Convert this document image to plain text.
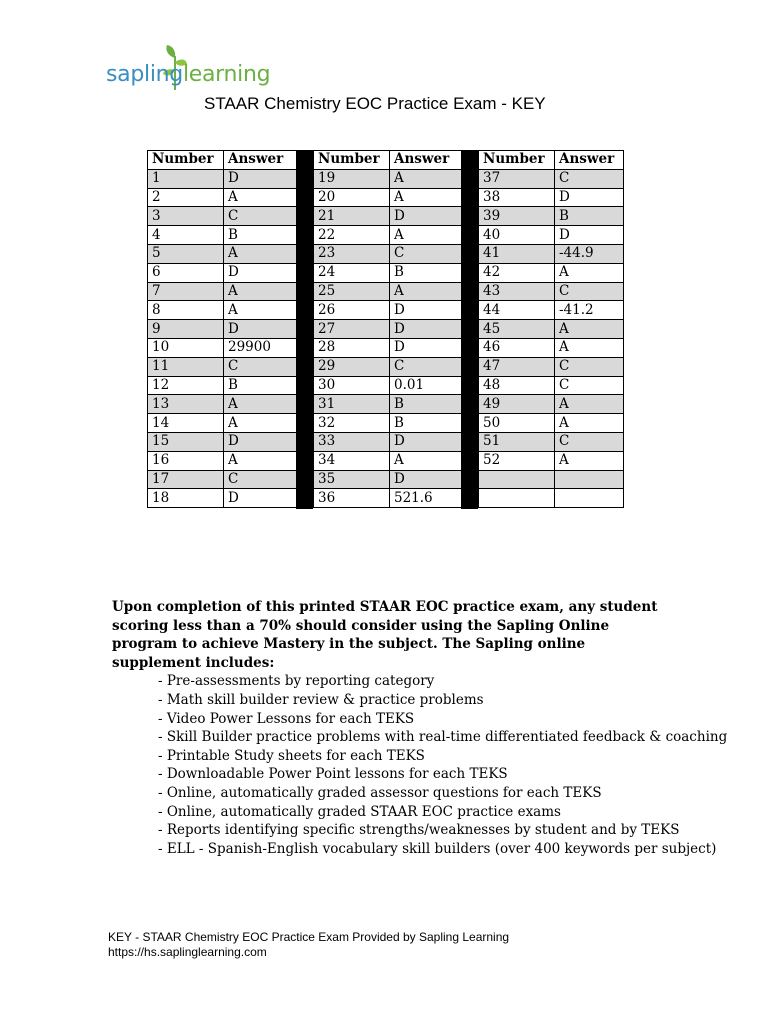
saplinglearning
STAAR Chemistry EOC Practice Exam - KEY
Number	Answer
1	D
2	A
3	C
4	B
5	A
6	D
7	A
8	A
9	D
10	29900
11	C
12	B
13	A
14	A
15	D
16	A
17	C
18	D
Number	Answer
19	A
20	A
21	D
22	A
23	C
24	B
25	A
26	D
27	D
28	D
29	C
30	0.01
31	B
32	B
33	D
34	A
35	D
36	521.6
Number	Answer
37	C
38	D
39	B
40	D
41	-44.9
42	A
43	C
44	-41.2
45	A
46	A
47	C
48	C
49	A
50	A
51	C
52	A

Upon completion of this printed STAAR EOC practice exam, any student scoring less than a 70% should consider using the Sapling Online program to achieve Mastery in the subject. The Sapling online supplement includes:

- Pre-assessments by reporting category
- Math skill builder review & practice problems
- Video Power Lessons for each TEKS
- Skill Builder practice problems with real-time differentiated feedback & coaching
- Printable Study sheets for each TEKS
- Downloadable Power Point lessons for each TEKS
- Online, automatically graded assessor questions for each TEKS
- Online, automatically graded STAAR EOC practice exams
- Reports identifying specific strengths/weaknesses by student and by TEKS
- ELL - Spanish-English vocabulary skill builders (over 400 keywords per subject)
KEY - STAAR Chemistry EOC Practice Exam Provided by Sapling Learning
https://hs.saplinglearning.com
